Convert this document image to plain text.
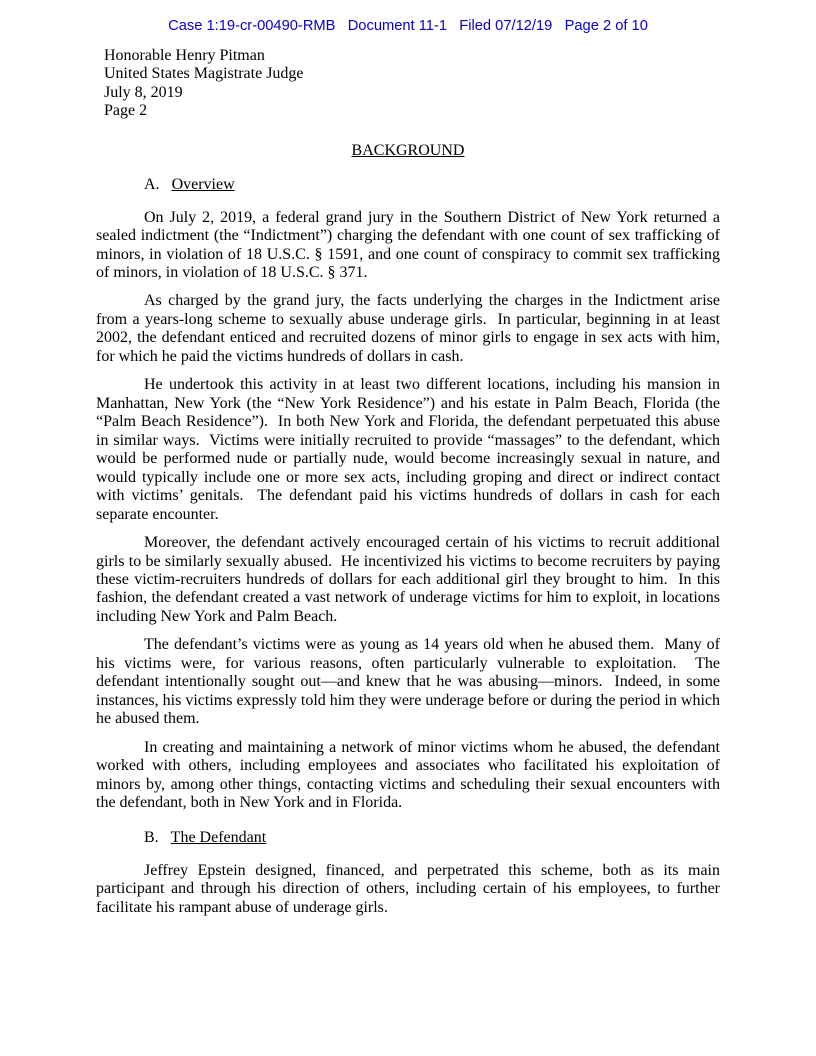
Case 1:19-cr-00490-RMB   Document 11-1   Filed 07/12/19   Page 2 of 10
Honorable Henry Pitman
United States Magistrate Judge
July 8, 2019
Page 2
BACKGROUND
A. Overview

On July 2, 2019, a federal grand jury in the Southern District of New York returned a sealed indictment (the “Indictment”) charging the defendant with one count of sex trafficking of minors, in violation of 18 U.S.C. § 1591, and one count of conspiracy to commit sex trafficking of minors, in violation of 18 U.S.C. § 371.

As charged by the grand jury, the facts underlying the charges in the Indictment arise from a years-long scheme to sexually abuse underage girls.  In particular, beginning in at least 2002, the defendant enticed and recruited dozens of minor girls to engage in sex acts with him, for which he paid the victims hundreds of dollars in cash.

He undertook this activity in at least two different locations, including his mansion in Manhattan, New York (the “New York Residence”) and his estate in Palm Beach, Florida (the “Palm Beach Residence”).  In both New York and Florida, the defendant perpetuated this abuse in similar ways.  Victims were initially recruited to provide “massages” to the defendant, which would be performed nude or partially nude, would become increasingly sexual in nature, and would typically include one or more sex acts, including groping and direct or indirect contact with victims’ genitals.  The defendant paid his victims hundreds of dollars in cash for each separate encounter.

Moreover, the defendant actively encouraged certain of his victims to recruit additional girls to be similarly sexually abused.  He incentivized his victims to become recruiters by paying these victim-recruiters hundreds of dollars for each additional girl they brought to him.  In this fashion, the defendant created a vast network of underage victims for him to exploit, in locations including New York and Palm Beach.

The defendant’s victims were as young as 14 years old when he abused them.  Many of his victims were, for various reasons, often particularly vulnerable to exploitation.  The defendant intentionally sought out—and knew that he was abusing—minors.  Indeed, in some instances, his victims expressly told him they were underage before or during the period in which he abused them.

In creating and maintaining a network of minor victims whom he abused, the defendant worked with others, including employees and associates who facilitated his exploitation of minors by, among other things, contacting victims and scheduling their sexual encounters with the defendant, both in New York and in Florida.

B. The Defendant

Jeffrey Epstein designed, financed, and perpetrated this scheme, both as its main participant and through his direction of others, including certain of his employees, to further facilitate his rampant abuse of underage girls.
